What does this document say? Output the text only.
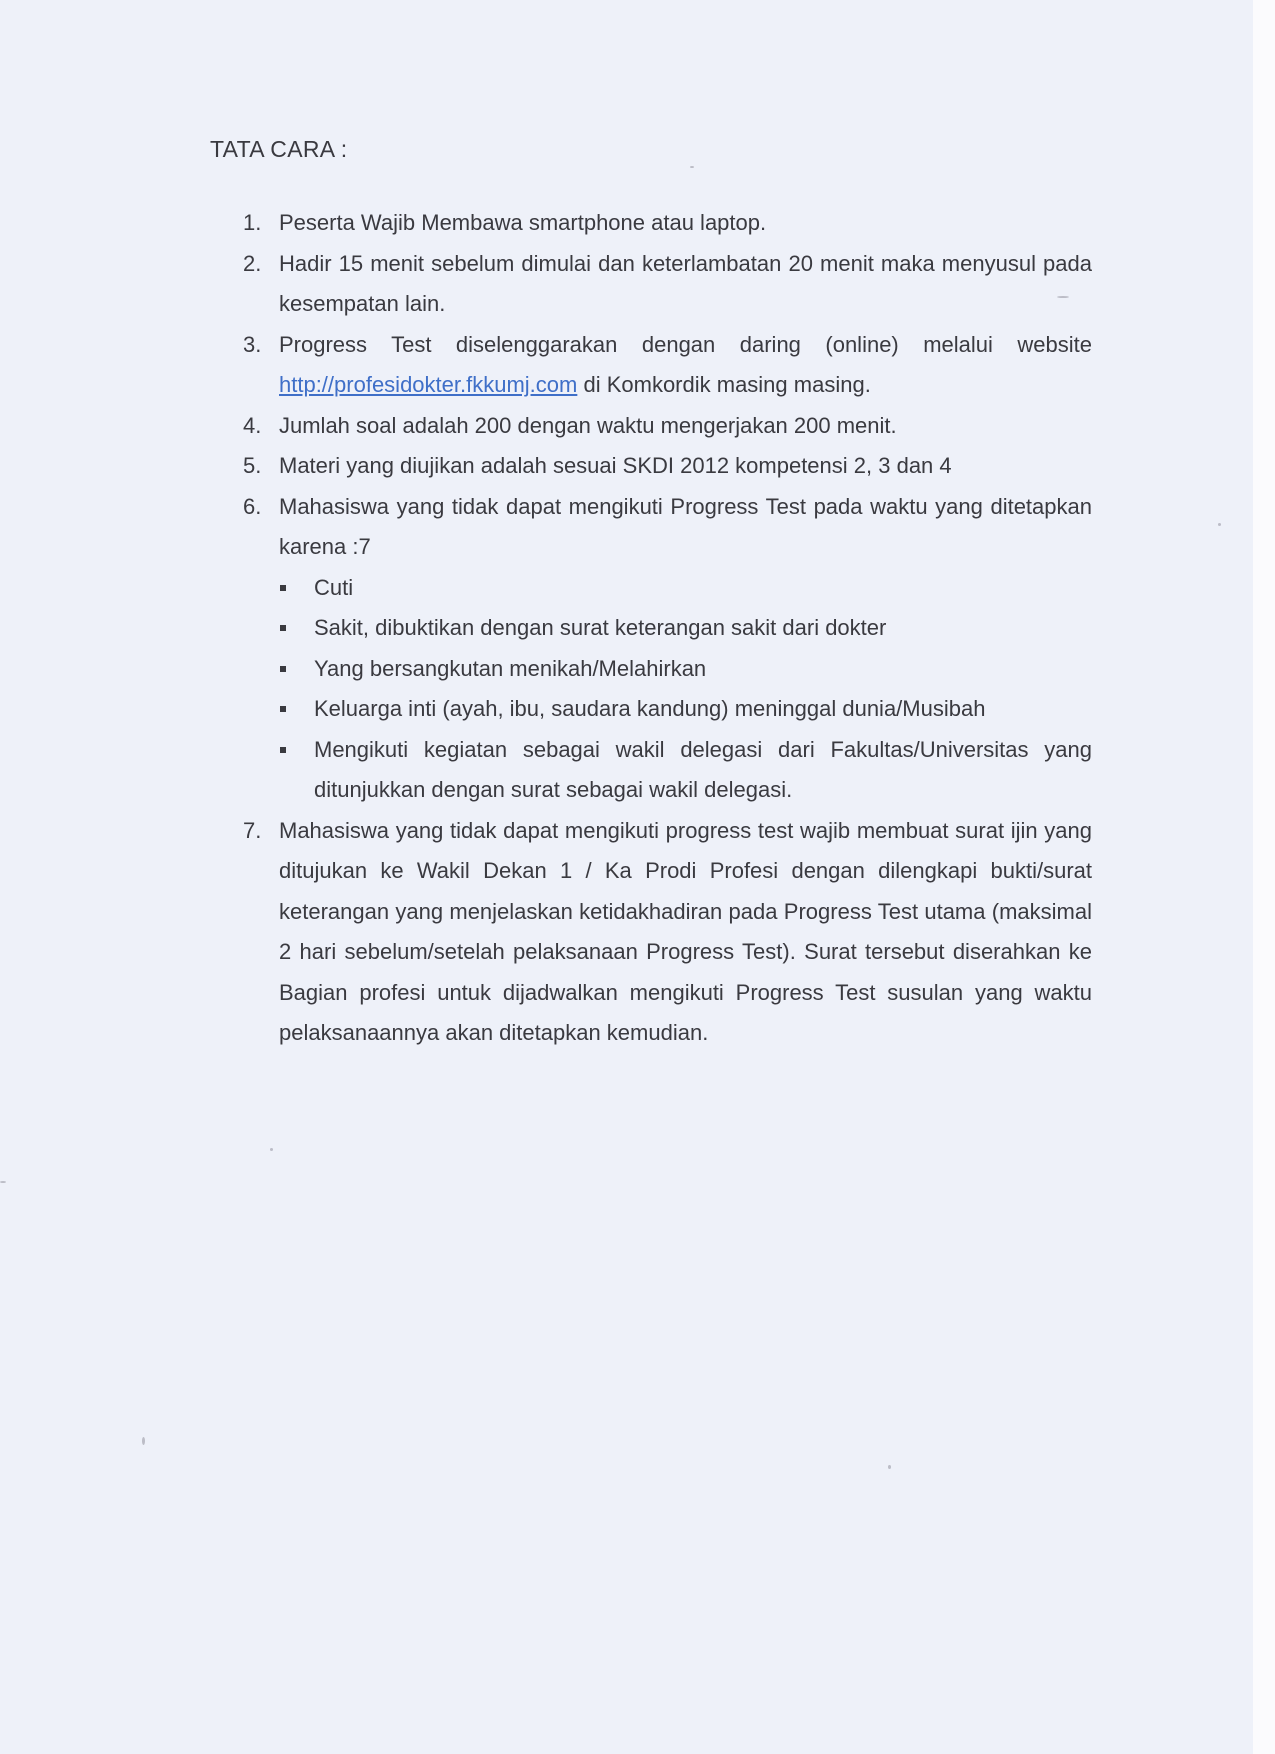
TATA CARA :
1. Peserta Wajib Membawa smartphone atau laptop.
2. Hadir 15 menit sebelum dimulai dan keterlambatan 20 menit maka menyusul pada kesempatan lain.
3. Progress Test diselenggarakan dengan daring (online) melalui website http://profesidokter.fkkumj.com di Komkordik masing masing.
4. Jumlah soal adalah 200 dengan waktu mengerjakan 200 menit.
5. Materi yang diujikan adalah sesuai SKDI 2012 kompetensi 2, 3 dan 4
6. Mahasiswa yang tidak dapat mengikuti Progress Test pada waktu yang ditetapkan karena :7
Cuti
Sakit, dibuktikan dengan surat keterangan sakit dari dokter
Yang bersangkutan menikah/Melahirkan
Keluarga inti (ayah, ibu, saudara kandung) meninggal dunia/Musibah
Mengikuti kegiatan sebagai wakil delegasi dari Fakultas/Universitas yang ditunjukkan dengan surat sebagai wakil delegasi.
7. Mahasiswa yang tidak dapat mengikuti progress test wajib membuat surat ijin yang ditujukan ke Wakil Dekan 1 / Ka Prodi Profesi dengan dilengkapi bukti/surat keterangan yang menjelaskan ketidakhadiran pada Progress Test utama (maksimal 2 hari sebelum/setelah pelaksanaan Progress Test). Surat tersebut diserahkan ke Bagian profesi untuk dijadwalkan mengikuti Progress Test susulan yang waktu pelaksanaannya akan ditetapkan kemudian.
